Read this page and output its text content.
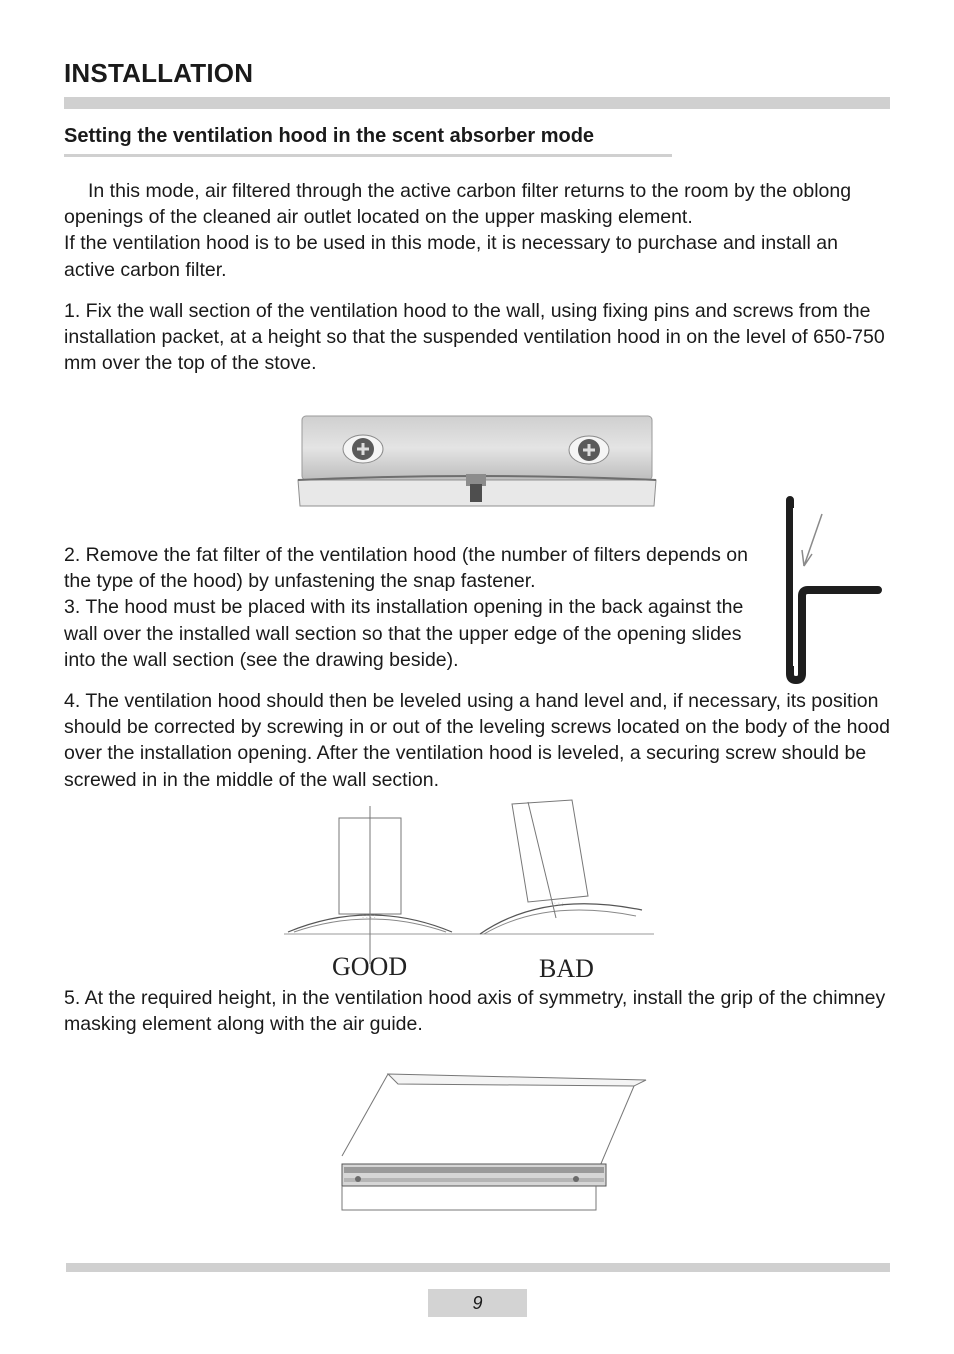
INSTALLATION
Setting the ventilation hood in the scent absorber mode

In this mode, air filtered through the active carbon filter returns to the room by the oblong openings of the cleaned air outlet located on the upper masking element.
If the ventilation hood is to be used in this mode, it is necessary to purchase and install an active carbon filter.

1. Fix the wall section of the ventilation hood to the wall, using fixing pins and screws from the installation packet, at a height so that the suspended ventilation hood in on the level of 650-750 mm over the top of the stove.

2. Remove the fat filter of the ventilation hood (the number of filters depends on the type of the hood) by unfastening the snap fastener.
3. The hood must be placed with its installation opening in the back against the wall over the installed wall section so that the upper edge of the opening slides into the wall section (see the drawing beside).

4. The ventilation hood should then be leveled using a hand level and, if necessary, its position should be corrected by screwing in or out of the leveling screws located on the body of the hood over the installation opening. After the ventilation hood is leveled, a securing screw should be screwed in in the middle of the wall section.

: : : :
: : : :
GOOD	BAD

5. At the required height, in the ventilation hood axis of symmetry, install the grip of the chimney masking element along with the air guide.

9
